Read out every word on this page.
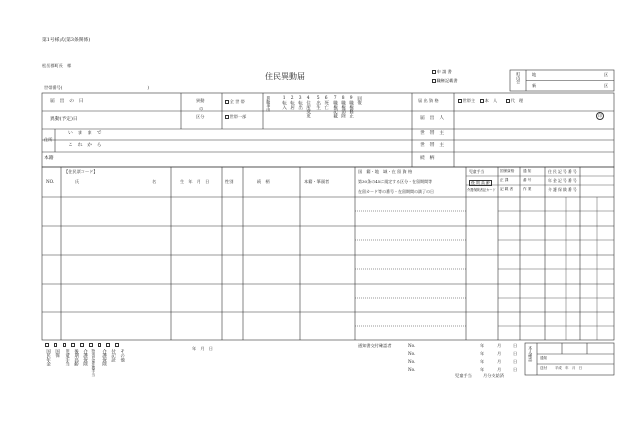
第1号様式(第3条関係)
松岳郡町長　様
住民異動届
世帯番号(	)
申 請 書
職権記載書	町内会	地	区
新	区
届　出　の　日
異動(予定)日
住所
い　ま　ま　で
こ　れ　か　ら
本籍
異動
の
区分
全 世 帯
世帯一部
異動事由 1転入 2転居 3転出 4住所変更 5出生 6死亡 7職権記載 8職権消除 9職権修正 回復	届 出 資 格	世帯主	本　人	代　理
届　出　人
印
世　帯　主
世　帯　主
続　柄
【住民票コード】
NO.	氏	名	生　年　月　日	性別	続　柄	本籍・筆頭者
国　籍・地　域・在 留 資 格
第30条の45に規定する区分・在留期間等
在留カード等の番号・在留期間の満了の日
児童手当
後 期 高 齢
介護保険者証カード
国保資格
正 課
記 載 者
通 知
番 号
作 業
住 民 記 号 番 号
年 金 記 号 番 号
介 護 保 険 番 号
国民年金 国保 児童手当 後期高齢 介護保険 特別児童扶養手当 介護保険 付記証 その他
年　月　日
通知書交付確認者	No.
No.
No.
No.
年	月	日
年	月	日
年	月	日
年	月	日
児童手当	月分支給済
本人確認 通知
送付 平成　年　月　日
